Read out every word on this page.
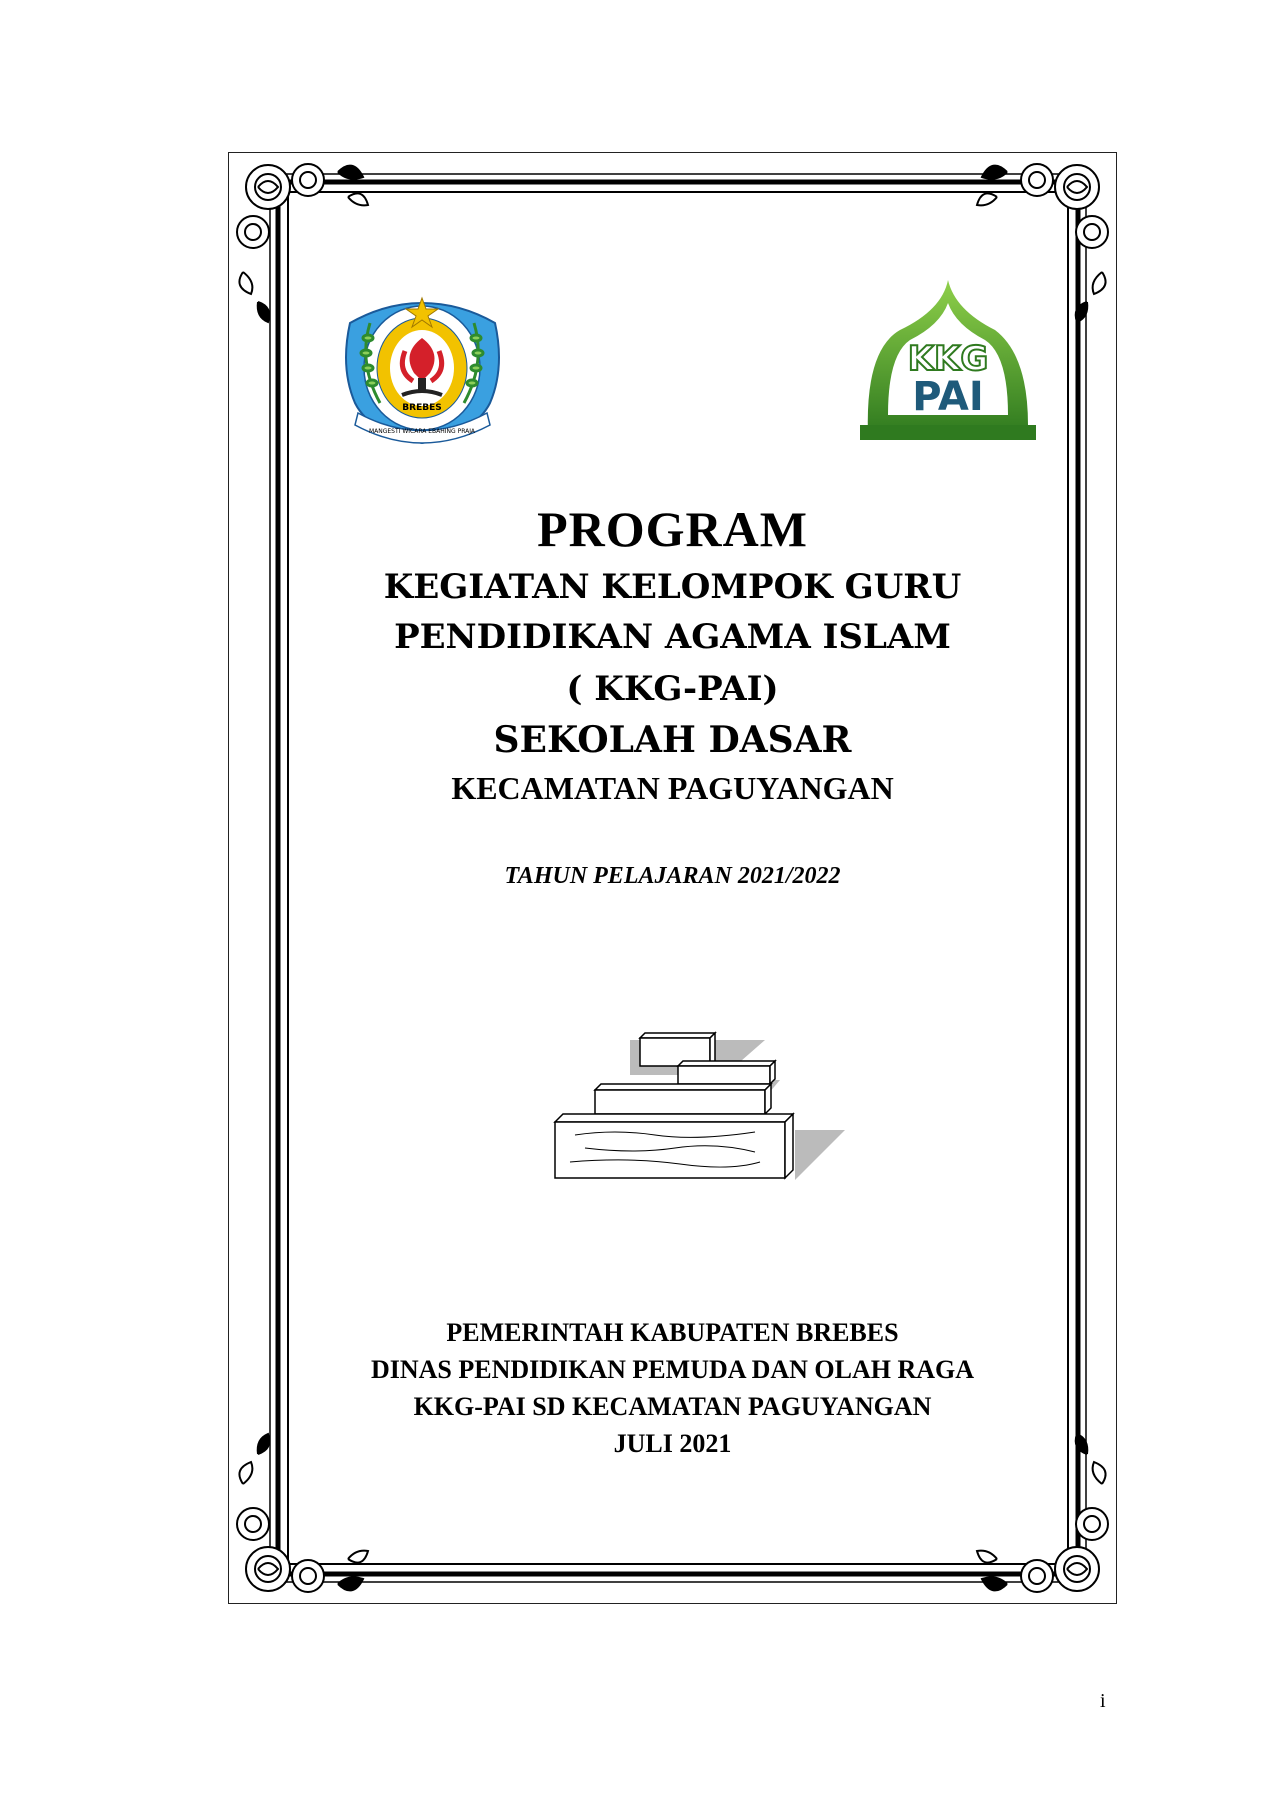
BREBES
MANGESTI WICARA EBAHING PRAJA
KKG
PAI
PROGRAM
KEGIATAN KELOMPOK GURU
PENDIDIKAN AGAMA ISLAM
( KKG-PAI)
SEKOLAH DASAR
KECAMATAN PAGUYANGAN
TAHUN PELAJARAN 2021/2022
PEMERINTAH KABUPATEN BREBES
DINAS PENDIDIKAN PEMUDA DAN OLAH RAGA
KKG-PAI SD KECAMATAN PAGUYANGAN
JULI 2021
i
